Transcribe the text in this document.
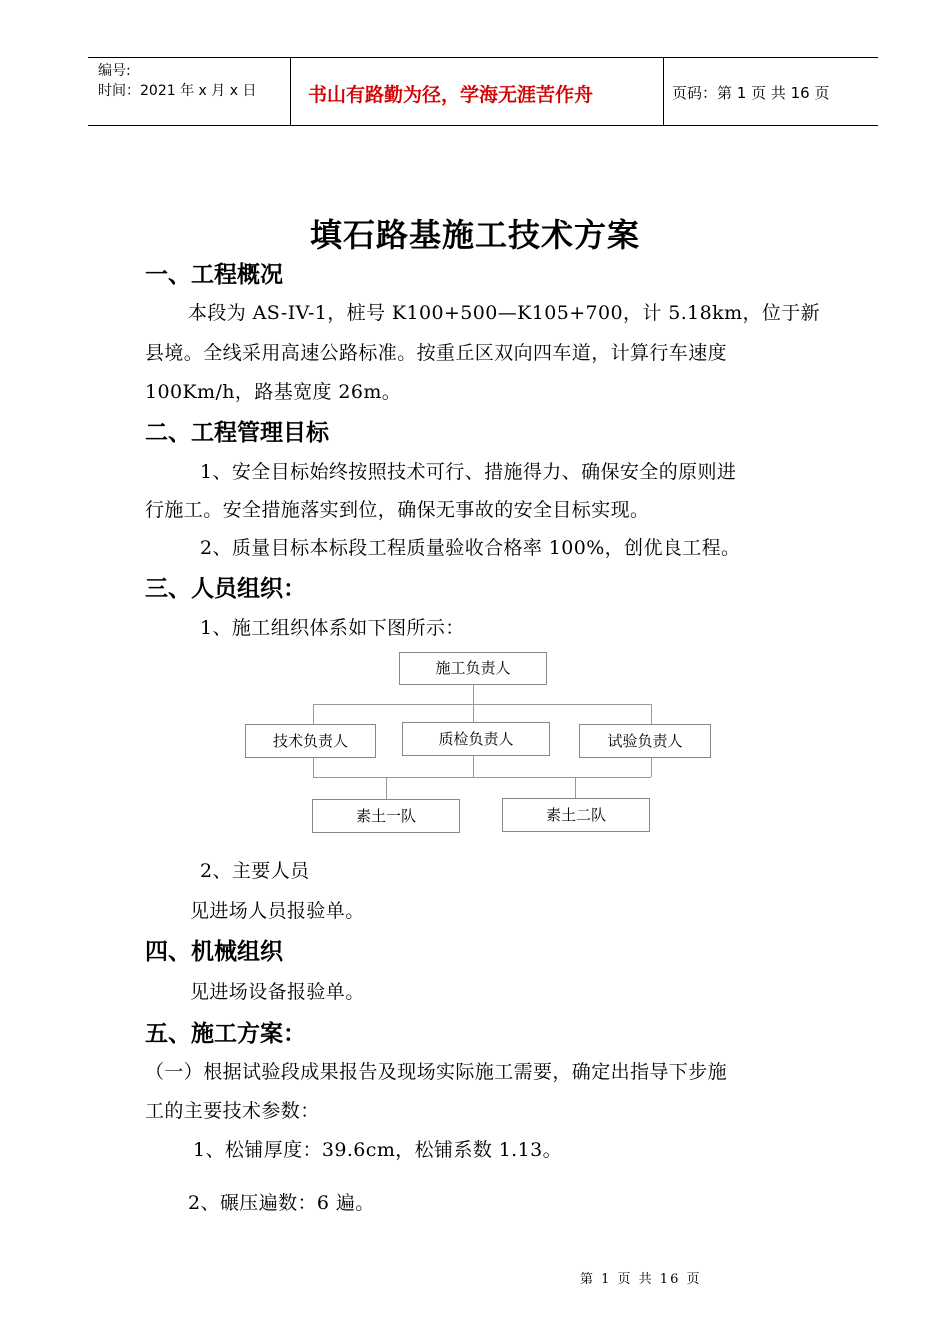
编号:
时间：2021 年 x 月 x 日	书山有路勤为径，学海无涯苦作舟	页码：第 1 页 共 16 页
填石路基施工技术方案
一、工程概况
本段为 AS-IV-1，桩号 K100+500—K105+700，计 5.18km，位于新
县境。全线采用高速公路标准。按重丘区双向四车道，计算行车速度
100Km/h，路基宽度 26m。
二、工程管理目标
1、安全目标始终按照技术可行、措施得力、确保安全的原则进
行施工。安全措施落实到位，确保无事故的安全目标实现。
2、质量目标本标段工程质量验收合格率 100%，创优良工程。
三、人员组织：
1、施工组织体系如下图所示：
施工负责人
技术负责人	质检负责人	试验负责人
素土一队	素土二队
2、主要人员
见进场人员报验单。
四、机械组织
见进场设备报验单。
五、施工方案：
（一）根据试验段成果报告及现场实际施工需要，确定出指导下步施
工的主要技术参数：
1、松铺厚度：39.6cm，松铺系数 1.13。
2、碾压遍数：6 遍。
第 1 页 共 16 页
